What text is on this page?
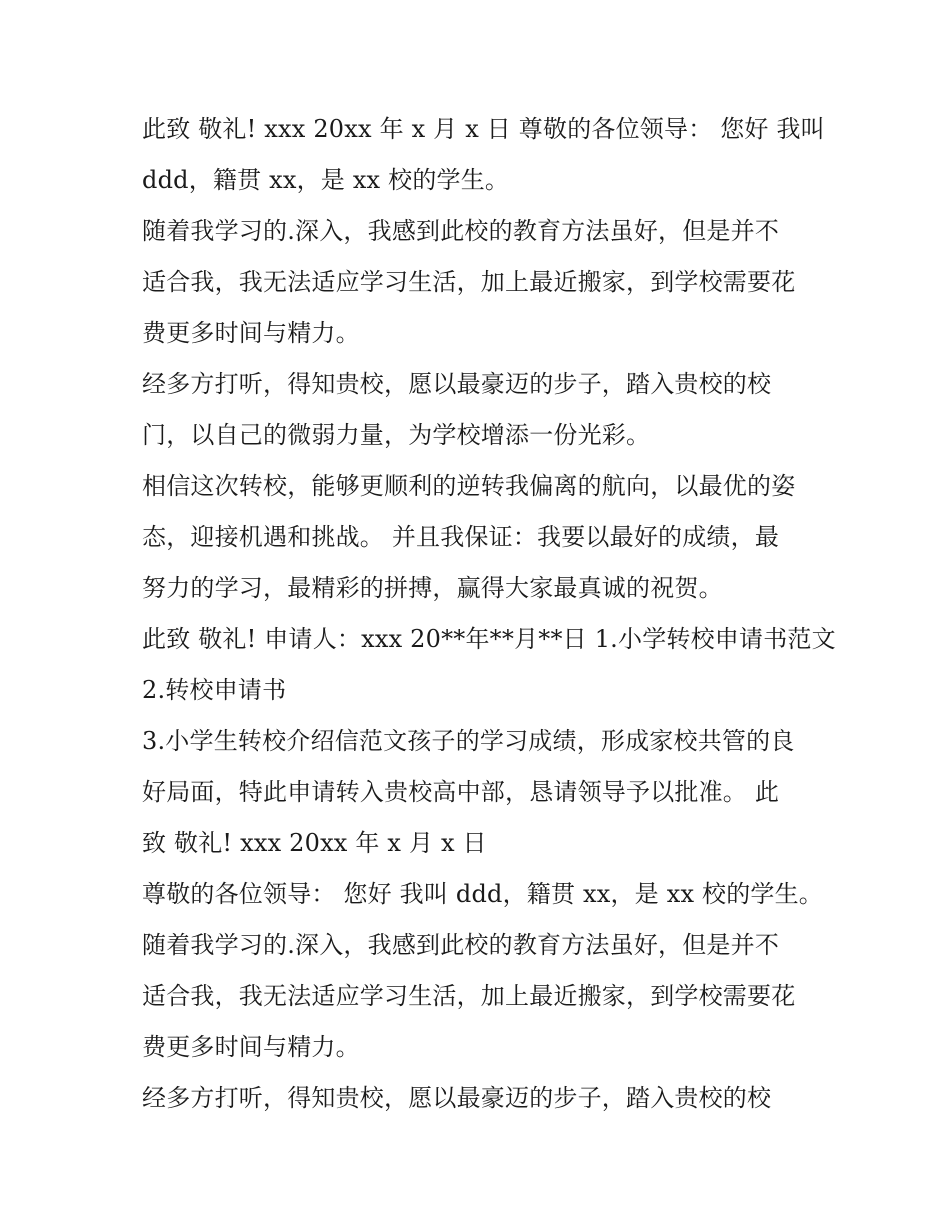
此致 敬礼! xxx 20xx 年 x 月 x 日 尊敬的各位领导： 您好 我叫
ddd，籍贯 xx，是 xx 校的学生。
随着我学习的.深入，我感到此校的教育方法虽好，但是并不
适合我，我无法适应学习生活，加上最近搬家，到学校需要花
费更多时间与精力。
经多方打听，得知贵校，愿以最豪迈的步子，踏入贵校的校
门，以自己的微弱力量，为学校增添一份光彩。
相信这次转校，能够更顺利的逆转我偏离的航向，以最优的姿
态，迎接机遇和挑战。 并且我保证：我要以最好的成绩，最
努力的学习，最精彩的拼搏，赢得大家最真诚的祝贺。
此致 敬礼! 申请人：xxx 20**年**月**日 1.小学转校申请书范文
2.转校申请书
3.小学生转校介绍信范文孩子的学习成绩，形成家校共管的良
好局面，特此申请转入贵校高中部，恳请领导予以批准。 此
致 敬礼! xxx 20xx 年 x 月 x 日
尊敬的各位领导： 您好 我叫 ddd，籍贯 xx，是 xx 校的学生。
随着我学习的.深入，我感到此校的教育方法虽好，但是并不
适合我，我无法适应学习生活，加上最近搬家，到学校需要花
费更多时间与精力。
经多方打听，得知贵校，愿以最豪迈的步子，踏入贵校的校
